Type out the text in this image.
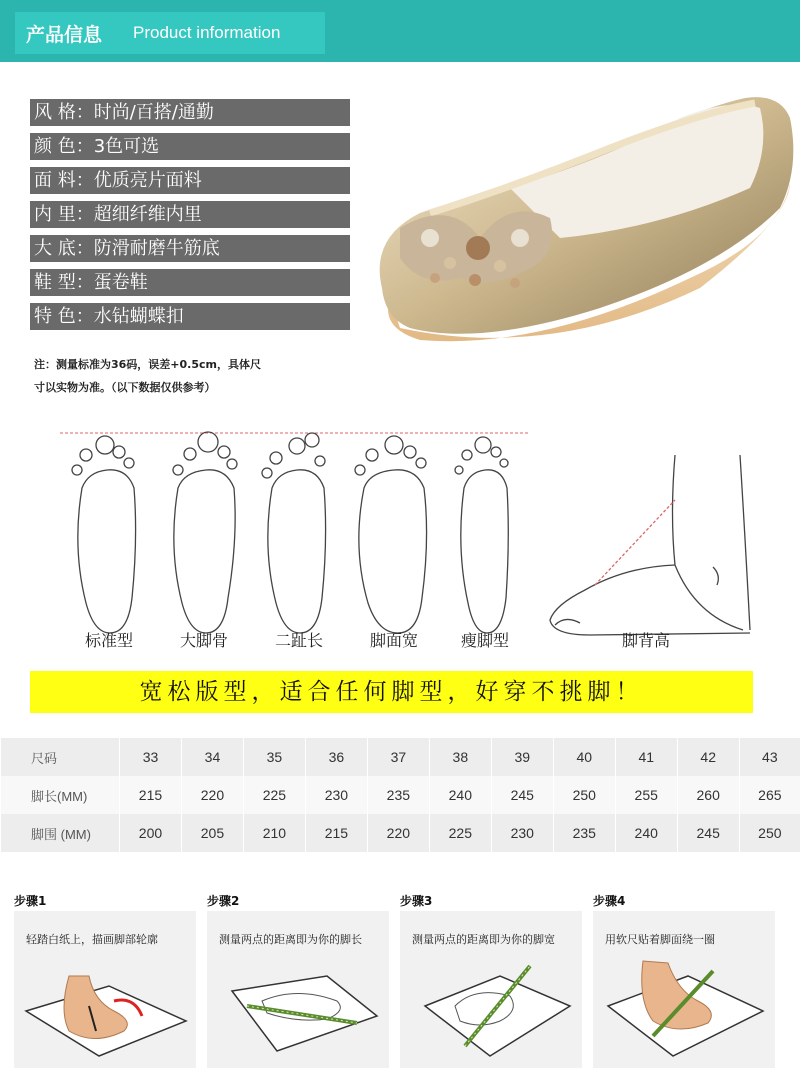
产品信息 Product information
风 格：时尚/百搭/通勤
颜 色：3色可选
面 料：优质亮片面料
内 里：超细纤维内里
大 底：防滑耐磨牛筋底
鞋 型：蛋卷鞋
特 色：水钻蝴蝶扣
注：测量标准为36码，误差+0.5cm，具体尺
寸以实物为准。（以下数据仅供参考）
标准型	大脚骨	二趾长	脚面宽	瘦脚型	脚背高
宽松版型，适合任何脚型，好穿不挑脚！
尺码	33	34	35	36	37	38	39	40	41	42	43
脚长(MM)	215	220	225	230	235	240	245	250	255	260	265
脚围 (MM)	200	205	210	215	220	225	230	235	240	245	250
步骤1	步骤2	步骤3	步骤4
轻踏白纸上，描画脚部轮廓	测量两点的距离即为你的脚长	测量两点的距离即为你的脚宽	用软尺贴着脚面绕一圈
